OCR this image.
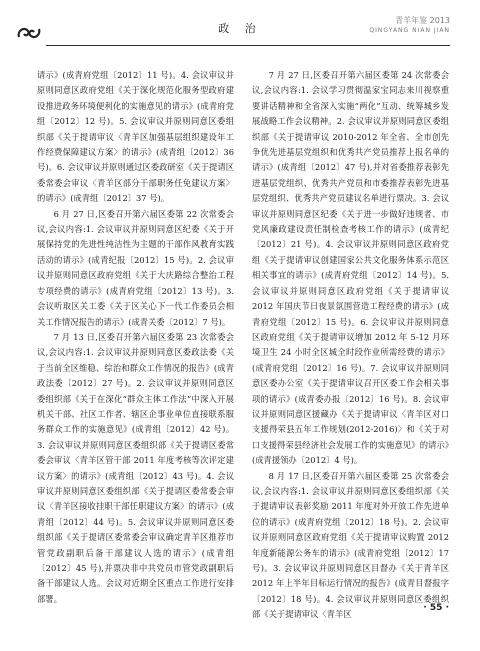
政 治
青羊年鉴 2013
QINGYANG NIAN JIAN

请示》(成青府党组〔2012〕11 号)。4. 会议审议并原则同意区政府党组《关于深化规范化服务型政府建设推进政务环境便利化的实施意见的请示》(成青府党组〔2012〕12 号)。5. 会议审议并原则同意区委组织部《关于提请审议〈青羊区加强基层组织建设年工作经费保障建议方案〉的请示》(成青组〔2012〕36 号)。6. 会议审议并原则通过区委政研室《关于提请区委常委会审议〈青羊区部分干部职务任免建议方案〉的请示》(成青组〔2012〕37 号)。

6 月 27 日,区委召开第六届区委第 22 次常委会议,会议内容:1. 会议审议并原则同意区纪委《关于开展保持党的先进性纯洁性为主题的干部作风教育实践活动的请示》(成青纪报〔2012〕15 号)。2. 会议审议并原则同意区政府党组《关于大庆路综合整治工程专项经费的请示》(成青府党组〔2012〕13 号)。3. 会议听取区关工委《关于区关心下一代工作委员会相关工作情况报告的请示》(成青关委〔2012〕7 号)。

7 月 13 日,区委召开第六届区委第 23 次常委会议,会议内容:1. 会议审议并原则同意区委政法委《关于当前全区维稳、综治和群众工作情况的报告》(成青政法委〔2012〕27 号)。2. 会议审议并原则同意区委组织部《关于在深化“群众主体工作法”中深入开展机关干部、社区工作者、辖区企事业单位直接联系服务群众工作的实施意见》(成青组〔2012〕42 号)。3. 会议审议并原则同意区委组织部《关于提请区委常委会审议〈青羊区管干部 2011 年度考核等次评定建议方案〉的请示》(成青组〔2012〕43 号)。4. 会议审议并原则同意区委组织部《关于提请区委常委会审议〈青羊区接收挂职干部任职建议方案〉的请示》(成青组〔2012〕44 号)。5. 会议审议并原则同意区委组织部《关于提请区委常委会审议确定青羊区推荐市管党政副职后备干部建议人选的请示》(成青组〔2012〕45 号),并票决非中共党员市管党政副职后备干部建议人选。会议对近期全区重点工作进行安排部署。

7 月 27 日,区委召开第六届区委第 24 次常委会议,会议内容:1. 会议学习贯彻温家宝同志来川视察重要讲话精神和全省深入实施“两化”互动、统筹城乡发展战略工作会议精神。2. 会议审议并原则同意区委组织部《关于提请审议 2010-2012 年全省、全市创先争优先进基层党组织和优秀共产党员推荐上报名单的请示》(成青组〔2012〕47 号),并对省委推荐表彰先进基层党组织、优秀共产党员和市委推荐表彰先进基层党组织、优秀共产党员建议名单进行票决。3. 会议审议并原则同意区纪委《关于进一步做好违规者、市党风廉政建设责任制检查考核工作的请示》(成青纪〔2012〕21 号)。4. 会议审议并原则同意区政府党组《关于提请审议创建国家公共文化服务体系示范区相关事宜的请示》(成青府党组〔2012〕14 号)。5. 会议审议并原则同意区政府党组《关于提请审议 2012 年国庆节日夜景氛围营造工程经费的请示》(成青府党组〔2012〕15 号)。6. 会议审议并原则同意区政府党组《关于提请审议增加 2012 年 5-12 月环境卫生 24 小时全区城全时段作业所需经费的请示》(成青府党组〔2012〕16 号)。7. 会议审议并原则同意区委办公室《关于提请审议召开区委工作会相关事项的请示》(成青委办报〔2012〕16 号)。8. 会议审议并原则同意区援藏办《关于提请审议〈青羊区对口支援得荣县五年工作规划(2012-2016)〉和《关于对口支援得荣县经济社会发展工作的实施意见》的请示》(成青援领办〔2012〕4 号)。

8 月 17 日,区委召开第六届区委第 25 次常委会议,会议内容:1. 会议审议并原则同意区委组织部《关于提请审议表彰奖励 2011 年度对外开放工作先进单位的请示》(成青府党组〔2012〕18 号)。2. 会议审议并原则同意区政府党组《关于提请审议购置 2012 年度新能源公务车的请示》(成青府党组〔2012〕17 号)。3. 会议审议并原则同意区目督办《关于青羊区 2012 年上半年目标运行情况的报告》(成青目督报字〔2012〕18 号)。4. 会议审议并原则同意区委组织部《关于提请审议〈青羊区

· 55 ·
